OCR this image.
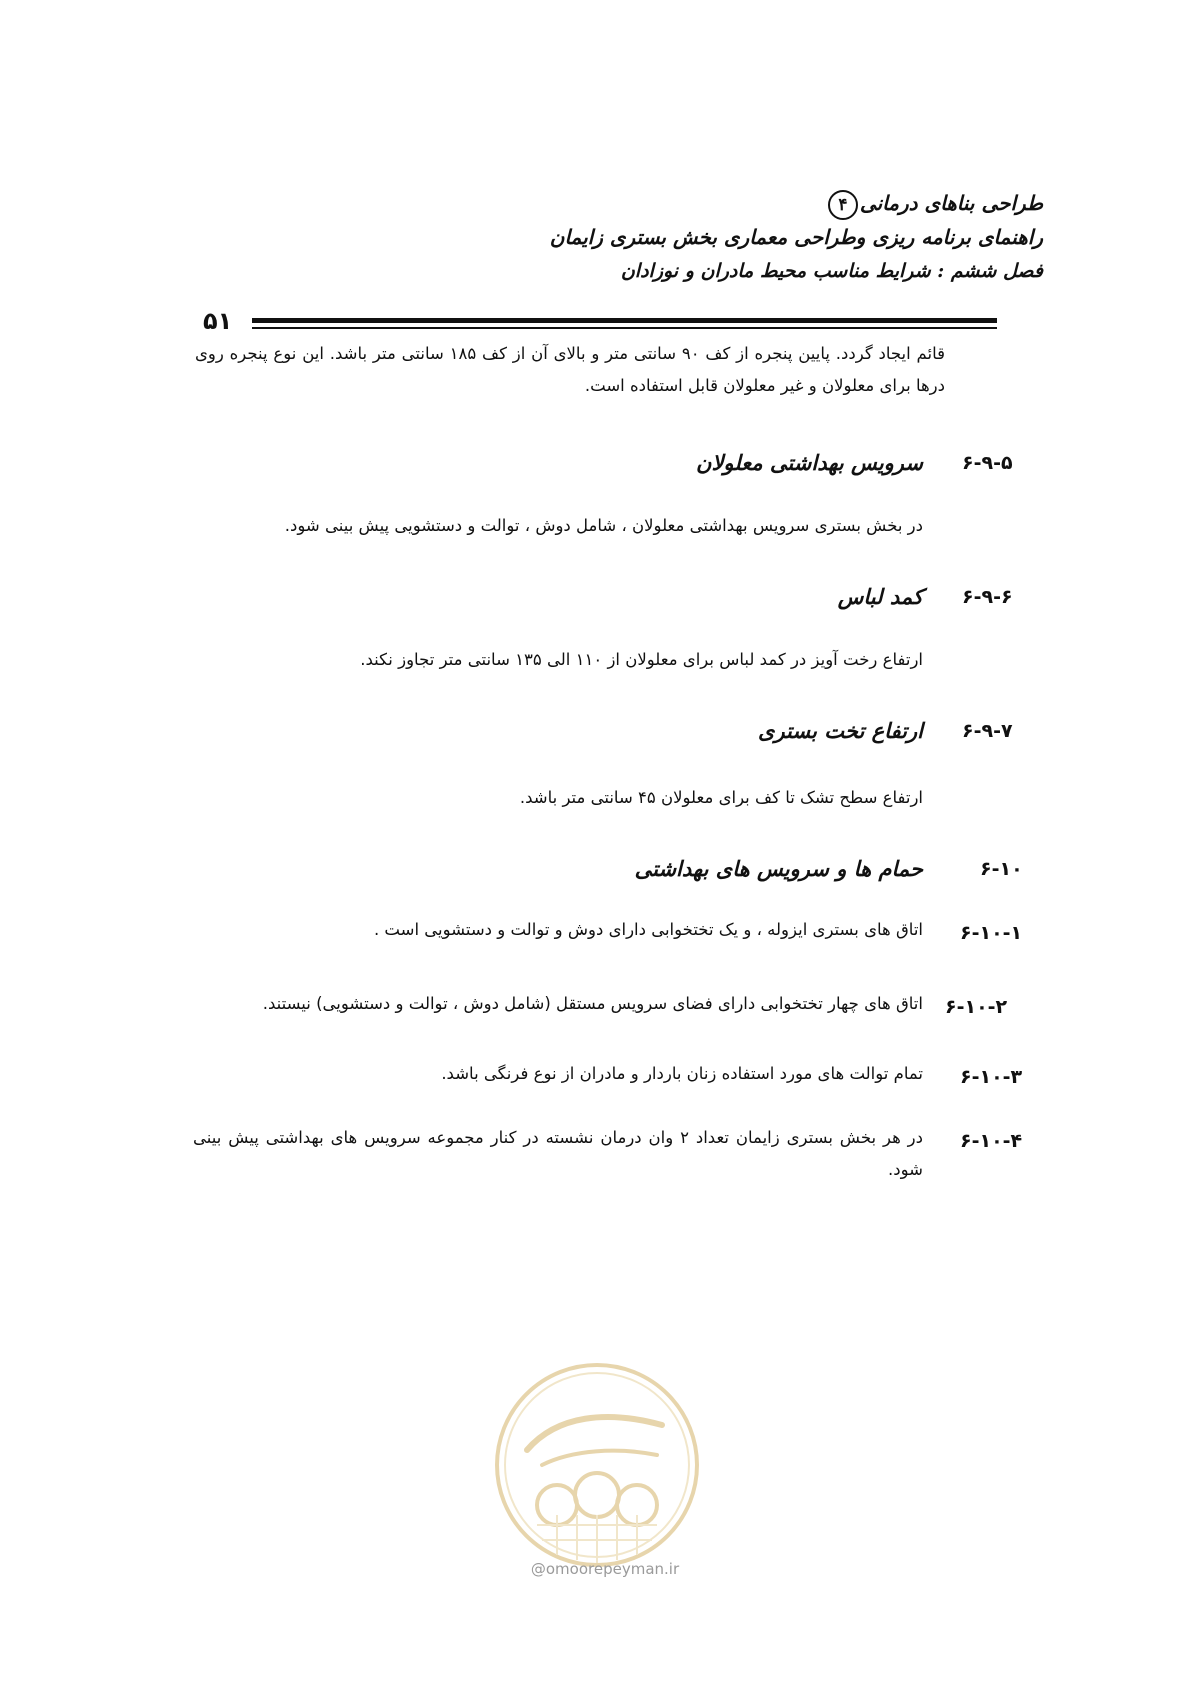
طراحی بناهای درمانی۴
راهنمای برنامه ریزی وطراحی معماری بخش بستری زایمان
فصل ششم : شرایط مناسب محیط مادران و نوزادان
۵۱
قائم ایجاد گردد. پایین پنجره از کف ۹۰ سانتی متر و بالای آن از کف ۱۸۵ سانتی متر باشد. این نوع پنجره روی درها برای معلولان و غیر معلولان قابل استفاده است.
۶-۹-۵
سرویس بهداشتی معلولان
در بخش بستری سرویس بهداشتی معلولان ، شامل دوش ، توالت و دستشویی پیش بینی شود.
۶-۹-۶
کمد لباس
ارتفاع رخت آویز در کمد لباس برای معلولان از ۱۱۰ الی ۱۳۵ سانتی متر تجاوز نکند.
۶-۹-۷
ارتفاع تخت بستری
ارتفاع سطح تشک تا کف برای معلولان ۴۵ سانتی متر باشد.
۶-۱۰
حمام ها و سرویس های بهداشتی
۶-۱۰-۱
اتاق های بستری ایزوله ، و یک تختخوابی دارای دوش و توالت و دستشویی است .
۶-۱۰-۲
اتاق های چهار تختخوابی دارای فضای سرویس مستقل (شامل دوش ، توالت و دستشویی) نیستند.
۶-۱۰-۳
تمام توالت های مورد استفاده زنان باردار و مادران از نوع فرنگی باشد.
۶-۱۰-۴
در هر بخش بستری زایمان تعداد ۲ وان درمان نشسته در کنار مجموعه سرویس های بهداشتی پیش بینی شود.
@omoorepeyman.ir
